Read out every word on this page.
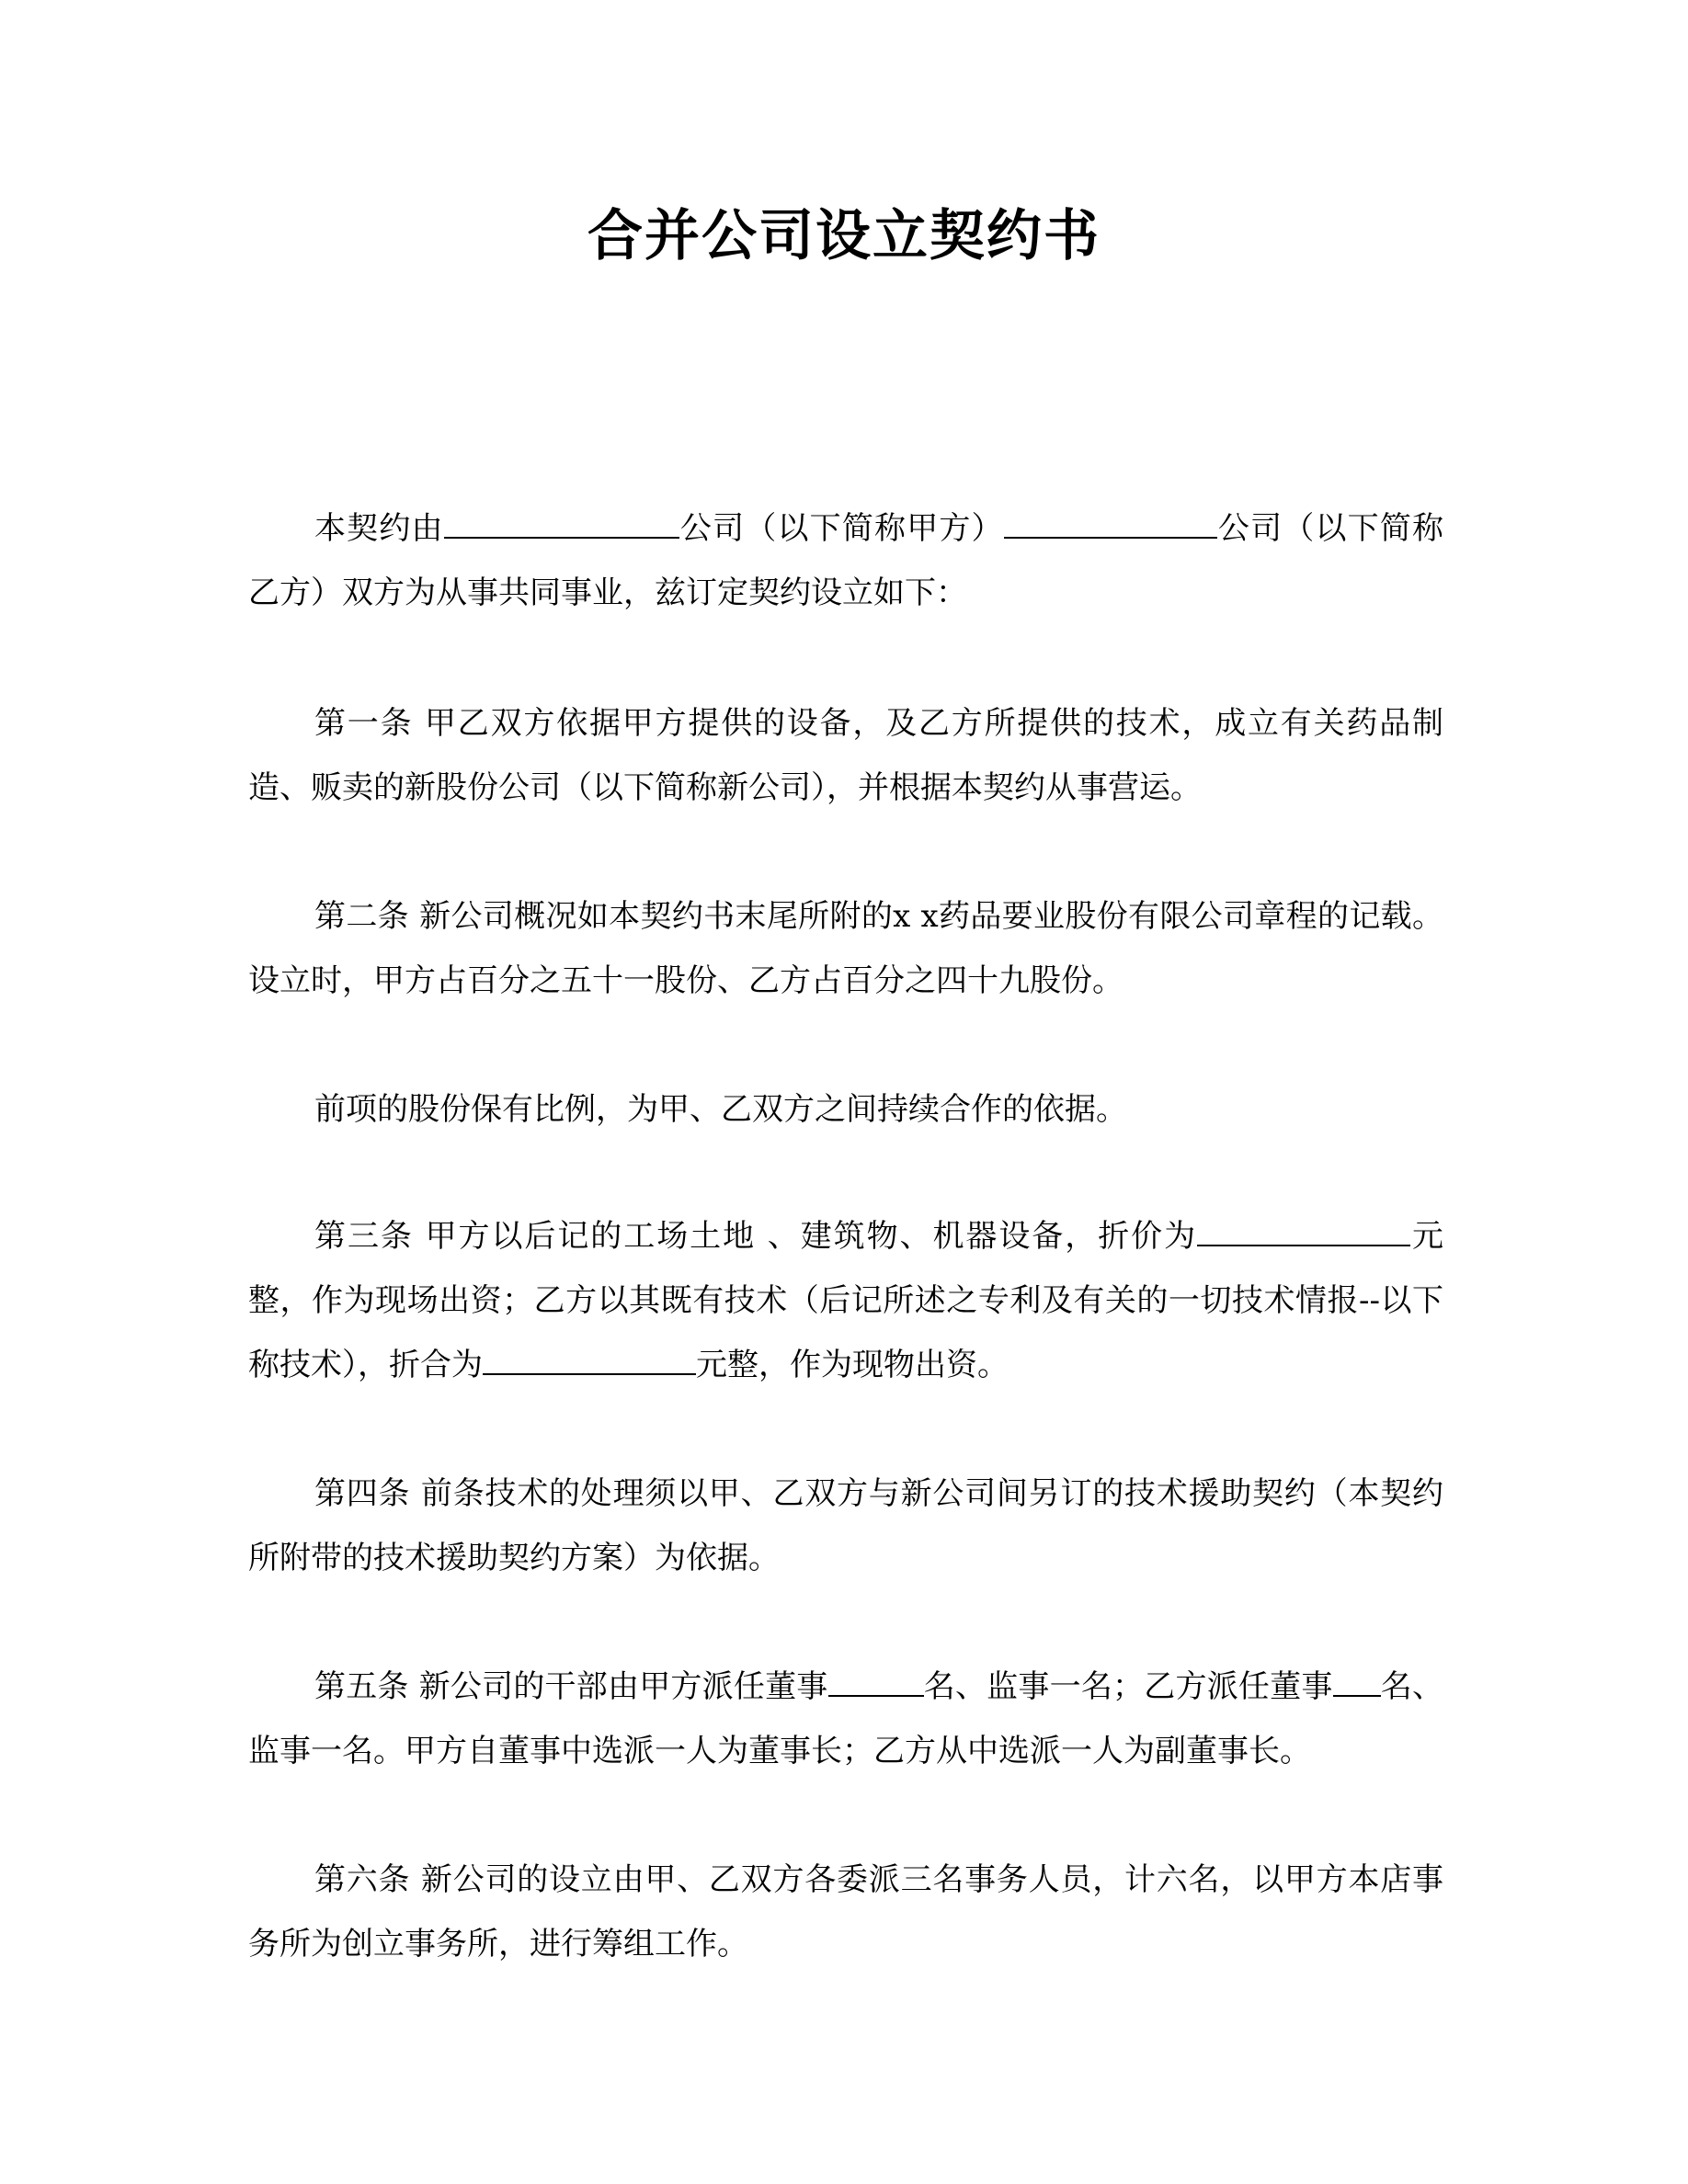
合并公司设立契约书

本契约由	公司（以下简称甲方）	公司（以下简称乙方）双方为从事共同事业，兹订定契约设立如下：

第一条 甲乙双方依据甲方提供的设备，及乙方所提供的技术，成立有关药品制造、贩卖的新股份公司（以下简称新公司），并根据本契约从事营运。

第二条 新公司概况如本契约书末尾所附的x x药品要业股份有限公司章程的记载。设立时，甲方占百分之五十一股份、乙方占百分之四十九股份。

前项的股份保有比例，为甲、乙双方之间持续合作的依据。

第三条 甲方以后记的工场土地 、建筑物、机器设备，折价为	元整，作为现场出资；乙方以其既有技术（后记所述之专利及有关的一切技术情报--以下称技术），折合为	元整，作为现物出资。

第四条 前条技术的处理须以甲、乙双方与新公司间另订的技术援助契约（本契约所附带的技术援助契约方案）为依据。

第五条 新公司的干部由甲方派任董事	名、监事一名；乙方派任董事 名、监事一名。甲方自董事中选派一人为董事长；乙方从中选派一人为副董事长。

第六条 新公司的设立由甲、乙双方各委派三名事务人员，计六名，以甲方本店事务所为创立事务所，进行筹组工作。
